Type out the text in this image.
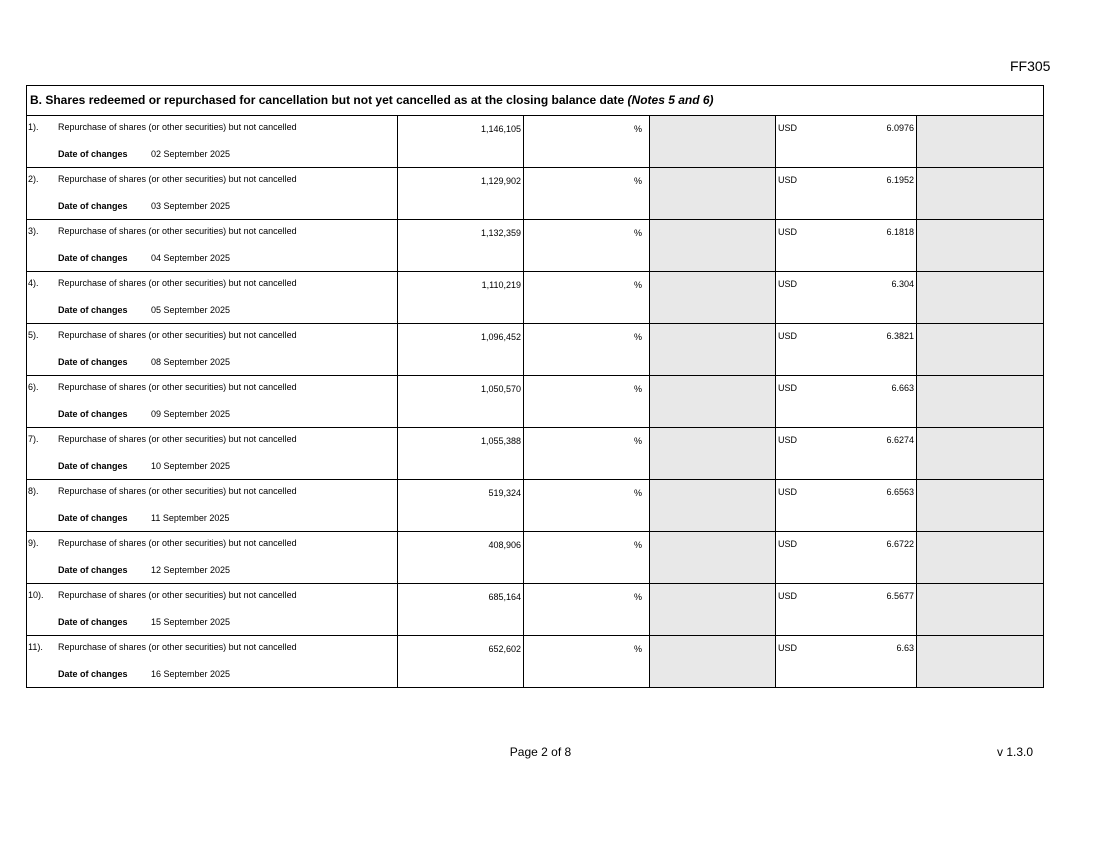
FF305
B. Shares redeemed or repurchased for cancellation but not yet cancelled as at the closing balance date (Notes 5 and 6)
1). Repurchase of shares (or other securities) but not cancelled
Date of changes	02 September 2025
1,146,105	%	USD	6.0976
2). Repurchase of shares (or other securities) but not cancelled
Date of changes	03 September 2025
1,129,902	%	USD	6.1952
3). Repurchase of shares (or other securities) but not cancelled
Date of changes	04 September 2025
1,132,359	%	USD	6.1818
4). Repurchase of shares (or other securities) but not cancelled
Date of changes	05 September 2025
1,110,219	%	USD	6.304
5). Repurchase of shares (or other securities) but not cancelled
Date of changes	08 September 2025
1,096,452	%	USD	6.3821
6). Repurchase of shares (or other securities) but not cancelled
Date of changes	09 September 2025
1,050,570	%	USD	6.663
7). Repurchase of shares (or other securities) but not cancelled
Date of changes	10 September 2025
1,055,388	%	USD	6.6274
8). Repurchase of shares (or other securities) but not cancelled
Date of changes	11 September 2025
519,324	%	USD	6.6563
9). Repurchase of shares (or other securities) but not cancelled
Date of changes	12 September 2025
408,906	%	USD	6.6722
10). Repurchase of shares (or other securities) but not cancelled
Date of changes	15 September 2025
685,164	%	USD	6.5677
11). Repurchase of shares (or other securities) but not cancelled
Date of changes	16 September 2025
652,602	%	USD	6.63
Page 2 of 8	v 1.3.0
